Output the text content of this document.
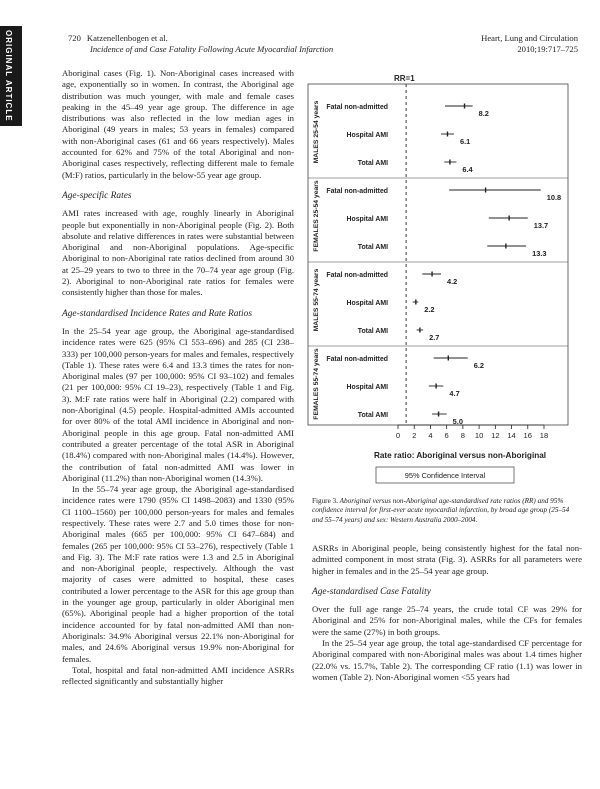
ORIGINAL ARTICLE	720 Katzenellenbogen et al.
Incidence of and Case Fatality Following Acute Myocardial Infarction
Heart, Lung and Circulation
2010;19:717–725

Aboriginal cases (Fig. 1). Non-Aboriginal cases increased with age, exponentially so in women. In contrast, the Aboriginal age distribution was much younger, with male and female cases peaking in the 45–49 year age group. The difference in age distributions was also reflected in the low median ages in Aboriginal (49 years in males; 53 years in females) compared with non-Aboriginal cases (61 and 66 years respectively). Males accounted for 62% and 75% of the total Aboriginal and non-Aboriginal cases respectively, reflecting different male to female (M:F) ratios, particularly in the below-55 year age group.

Age-specific Rates

AMI rates increased with age, roughly linearly in Aboriginal people but exponentially in non-Aboriginal people (Fig. 2). Both absolute and relative differences in rates were substantial between Aboriginal and non-Aboriginal populations. Age-specific Aboriginal to non-Aboriginal rate ratios declined from around 30 at 25–29 years to two to three in the 70–74 year age group (Fig. 2). Aboriginal to non-Aboriginal rate ratios for females were consistently higher than those for males.

Age-standardised Incidence Rates and Rate Ratios

In the 25–54 year age group, the Aboriginal age-standardised incidence rates were 625 (95% CI 553–696) and 285 (CI 238–333) per 100,000 person-years for males and females, respectively (Table 1). These rates were 6.4 and 13.3 times the rates for non-Aboriginal males (97 per 100,000: 95% CI 93–102) and females (21 per 100,000: 95% CI 19–23), respectively (Table 1 and Fig. 3). M:F rate ratios were half in Aboriginal (2.2) compared with non-Aboriginal (4.5) people. Hospital-admitted AMIs accounted for over 80% of the total AMI incidence in Aboriginal and non-Aboriginal people in this age group. Fatal non-admitted AMI contributed a greater percentage of the total ASR in Aboriginal (18.4%) compared with non-Aboriginal males (14.4%). However, the contribution of fatal non-admitted AMI was lower in Aboriginal (11.2%) than non-Aboriginal women (14.3%).

In the 55–74 year age group, the Aboriginal age-standardised incidence rates were 1790 (95% CI 1498–2083) and 1330 (95% CI 1100–1560) per 100,000 person-years for males and females respectively. These rates were 2.7 and 5.0 times those for non-Aboriginal males (665 per 100,000: 95% CI 647–684) and females (265 per 100,000: 95% CI 53–276), respectively (Table 1 and Fig. 3). The M:F rate ratios were 1.3 and 2.5 in Aboriginal and non-Aboriginal people, respectively. Although the vast majority of cases were admitted to hospital, these cases contributed a lower percentage to the ASR for this age group than in the younger age group, particularly in older Aboriginal men (65%). Aboriginal people had a higher proportion of the total incidence accounted for by fatal non-admitted AMI than non-Aboriginals: 34.9% Aboriginal versus 22.1% non-Aboriginal for males, and 24.6% Aboriginal versus 19.9% non-Aboriginal for females.

Total, hospital and fatal non-admitted AMI incidence ASRRs reflected significantly and substantially higher

0 2 4 6 8 10 12 14 16 18
MALES 25-54 years
FEMALES 25-54 years
MALES 55-74 years
FEMALES 55-74 years
RR=1
Fatal non-admitted
8.2
Hospital AMI
6.1
Total AMI
6.4
Fatal non-admitted
10.8
Hospital AMI
13.7
Total AMI
13.3
Fatal non-admitted
4.2
Hospital AMI
2.2
Total AMI
2.7
Fatal non-admitted
6.2
Hospital AMI
4.7
Total AMI
5.0
Rate ratio: Aboriginal versus non-Aboriginal
95% Confidence Interval
Figure 3. Aboriginal versus non-Aboriginal age-standardised rate ratios (RR) and 95% confidence interval for first-ever acute myocardial infarction, by broad age group (25–54 and 55–74 years) and sex: Western Australia 2000–2004.

ASRRs in Aboriginal people, being consistently highest for the fatal non-admitted component in most strata (Fig. 3). ASRRs for all parameters were higher in females and in the 25–54 year age group.

Age-standardised Case Fatality

Over the full age range 25–74 years, the crude total CF was 29% for Aboriginal and 25% for non-Aboriginal males, while the CFs for females were the same (27%) in both groups.

In the 25–54 year age group, the total age-standardised CF percentage for Aboriginal compared with non-Aboriginal males was about 1.4 times higher (22.0% vs. 15.7%, Table 2). The corresponding CF ratio (1.1) was lower in women (Table 2). Non-Aboriginal women <55 years had
